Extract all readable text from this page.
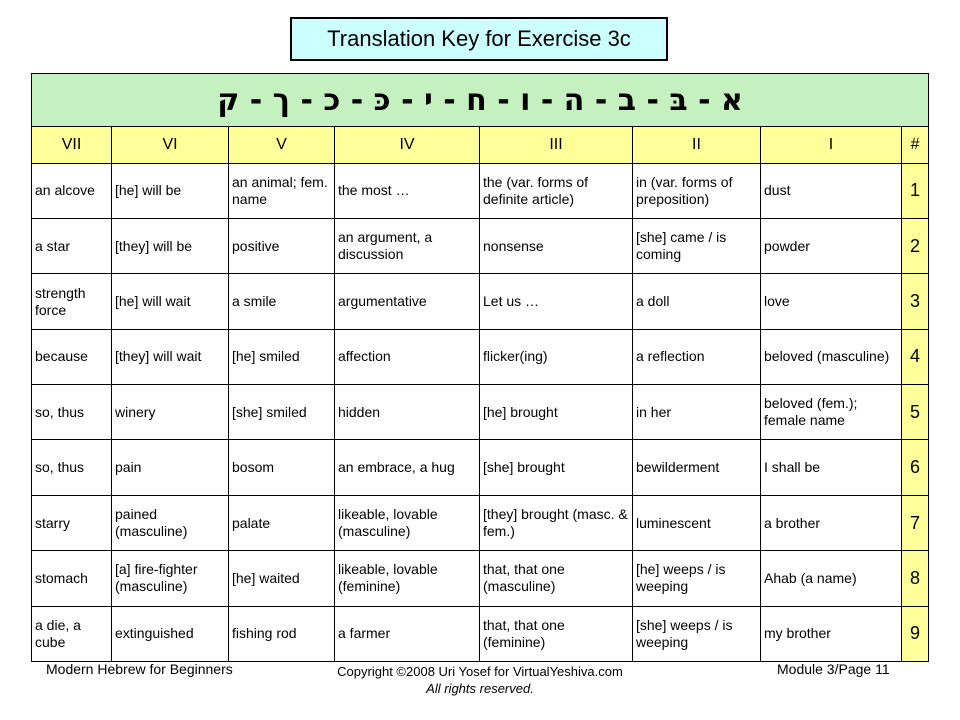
Translation Key for Exercise 3c
א - בּ - ב - ה - ו - ח - י - כּ - כ - ך - ק							
VII	VI	V	IV	III	II	I	#
an alcove	[he] will be	an animal; fem. name	the most …	the (var. forms of definite article)	in (var. forms of preposition)	dust	1
a star	[they] will be	positive	an argument, a discussion	nonsense	[she] came / is coming	powder	2
strength force	[he] will wait	a smile	argumentative	Let us …	a doll	love	3
because	[they] will wait	[he] smiled	affection	flicker(ing)	a reflection	beloved (masculine)	4
so, thus	winery	[she] smiled	hidden	[he] brought	in her	beloved (fem.); female name	5
so, thus	pain	bosom	an embrace, a hug	[she] brought	bewilderment	I shall be	6
starry	pained (masculine)	palate	likeable, lovable (masculine)	[they] brought (masc. & fem.)	luminescent	a brother	7
stomach	[a] fire-fighter (masculine)	[he] waited	likeable, lovable (feminine)	that, that one (masculine)	[he] weeps / is weeping	Ahab (a name)	8
a die, a cube	extinguished	fishing rod	a farmer	that, that one (feminine)	[she] weeps / is weeping	my brother	9
Modern Hebrew for Beginners	Copyright ©2008 Uri Yosef for VirtualYeshiva.com
All rights reserved.
Module 3/Page 11
